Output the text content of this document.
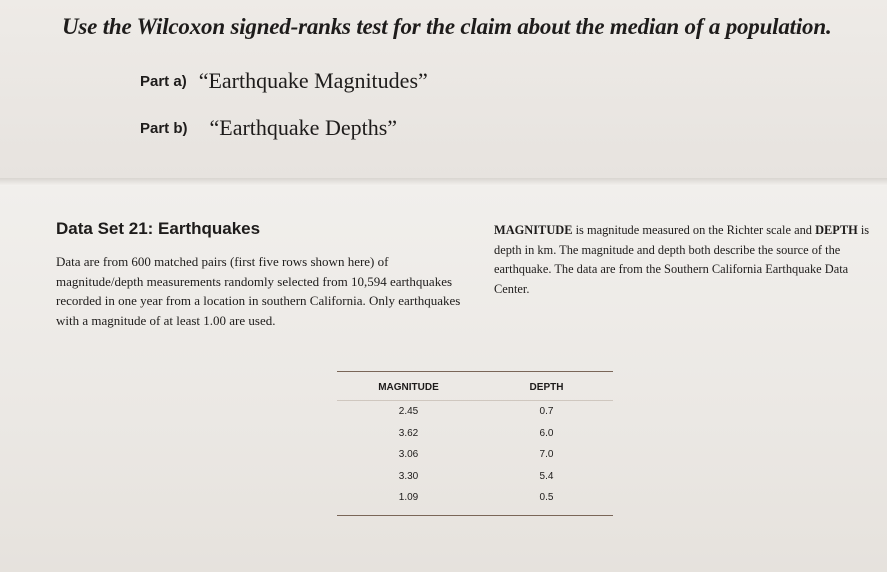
Use the Wilcoxon signed-ranks test for the claim about the median of a population.
Part a) “Earthquake Magnitudes”
Part b) “Earthquake Depths”
Data Set 21: Earthquakes
Data are from 600 matched pairs (first five rows shown here) of magnitude/depth measurements randomly selected from 10,594 earthquakes recorded in one year from a location in southern California. Only earthquakes with a magnitude of at least 1.00 are used.
MAGNITUDE is magnitude measured on the Richter scale and DEPTH is depth in km. The magnitude and depth both describe the source of the earthquake. The data are from the Southern California Earthquake Data Center.
MAGNITUDE	DEPTH
2.45	0.7
3.62	6.0
3.06	7.0
3.30	5.4
1.09	0.5
